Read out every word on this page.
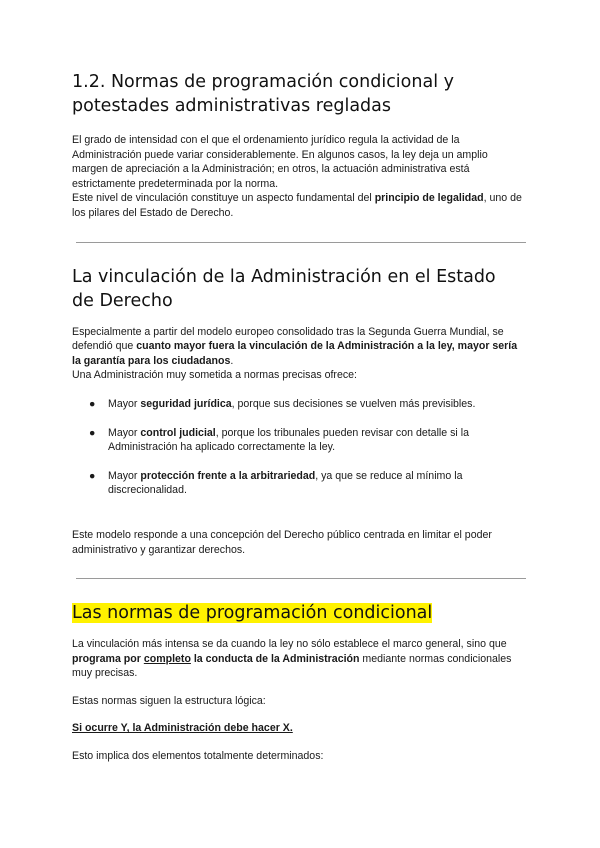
1.2. Normas de programación condicional y potestades administrativas regladas

El grado de intensidad con el que el ordenamiento jurídico regula la actividad de la Administración puede variar considerablemente. En algunos casos, la ley deja un amplio margen de apreciación a la Administración; en otros, la actuación administrativa está estrictamente predeterminada por la norma.

Este nivel de vinculación constituye un aspecto fundamental del principio de legalidad, uno de los pilares del Estado de Derecho.

La vinculación de la Administración en el Estado de Derecho

Especialmente a partir del modelo europeo consolidado tras la Segunda Guerra Mundial, se defendió que cuanto mayor fuera la vinculación de la Administración a la ley, mayor sería la garantía para los ciudadanos.

Una Administración muy sometida a normas precisas ofrece:

● Mayor seguridad jurídica, porque sus decisiones se vuelven más previsibles.
● Mayor control judicial, porque los tribunales pueden revisar con detalle si la Administración ha aplicado correctamente la ley.
● Mayor protección frente a la arbitrariedad, ya que se reduce al mínimo la discrecionalidad.

Este modelo responde a una concepción del Derecho público centrada en limitar el poder administrativo y garantizar derechos.

Las normas de programación condicional

La vinculación más intensa se da cuando la ley no sólo establece el marco general, sino que programa por completo la conducta de la Administración mediante normas condicionales muy precisas.

Estas normas siguen la estructura lógica:

Si ocurre Y, la Administración debe hacer X.

Esto implica dos elementos totalmente determinados:
